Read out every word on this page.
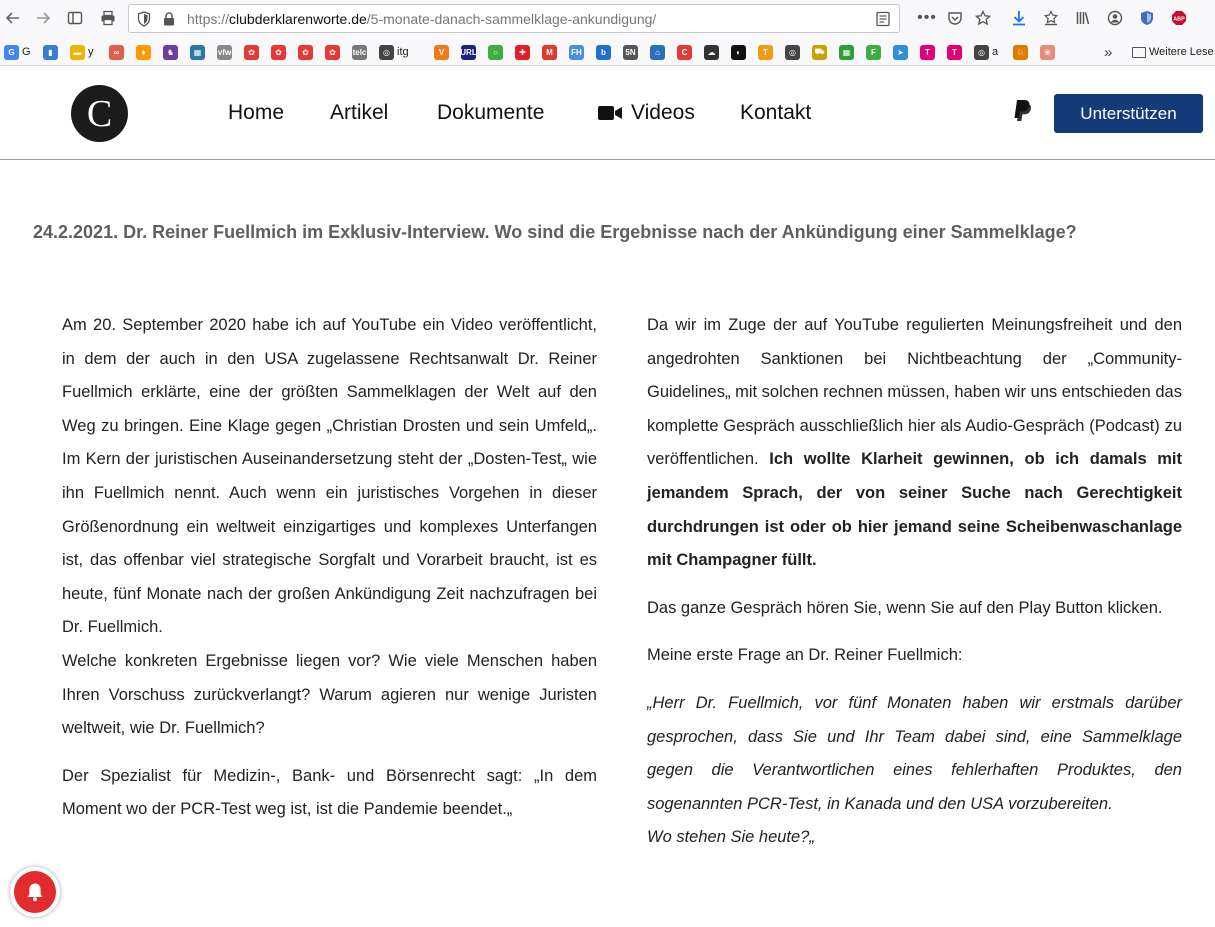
https://clubderklarenworte.de/5-monate-danach-sammelklage-ankundigung/	•••	ABP
G G	▮	▬ y	∞	♦	♞	▦	vfw	✿	✿	✿	✿	telc	◎ itg	V	URL	○	✚	M	FH	b	5N	⌂	C	☁	◐	T	◎	⛟	▦	F	➤	T	T	◎ a	♘	❀	»	Weitere Lese
C	Home Artikel Dokumente	Videos Kontakt	Unterstützen
24.2.2021. Dr. Reiner Fuellmich im Exklusiv-Interview. Wo sind die Ergebnisse nach der Ankündigung einer Sammelklage?

Am 20. September 2020 habe ich auf YouTube ein Video veröffentlicht, in dem der auch in den USA zugelassene Rechtsanwalt Dr. Reiner Fuellmich erklärte, eine der größten Sammelklagen der Welt auf den Weg zu bringen. Eine Klage gegen „Christian Drosten und sein Umfeld„. Im Kern der juristischen Auseinandersetzung steht der „Dosten-Test„ wie ihn Fuellmich nennt. Auch wenn ein juristisches Vorgehen in dieser Größenordnung ein weltweit einzigartiges und komplexes Unterfangen ist, das offenbar viel strategische Sorgfalt und Vorarbeit braucht, ist es heute, fünf Monate nach der großen Ankündigung Zeit nachzufragen bei Dr. Fuellmich.

Welche konkreten Ergebnisse liegen vor? Wie viele Menschen haben Ihren Vorschuss zurückverlangt? Warum agieren nur wenige Juristen weltweit, wie Dr. Fuellmich?

Der Spezialist für Medizin-, Bank- und Börsenrecht sagt: „In dem Moment wo der PCR-Test weg ist, ist die Pandemie beendet.„

Da wir im Zuge der auf YouTube regulierten Meinungsfreiheit und den angedrohten Sanktionen bei Nichtbeachtung der „Community-Guidelines„ mit solchen rechnen müssen, haben wir uns entschieden das komplette Gespräch ausschließlich hier als Audio-Gespräch (Podcast) zu veröffentlichen. Ich wollte Klarheit gewinnen, ob ich damals mit jemandem Sprach, der von seiner Suche nach Gerechtigkeit durchdrungen ist oder ob hier jemand seine Scheibenwaschanlage mit Champagner füllt.

Das ganze Gespräch hören Sie, wenn Sie auf den Play Button klicken.

Meine erste Frage an Dr. Reiner Fuellmich:

„Herr Dr. Fuellmich, vor fünf Monaten haben wir erstmals darüber gesprochen, dass Sie und Ihr Team dabei sind, eine Sammelklage gegen die Verantwortlichen eines fehlerhaften Produktes, den sogenannten PCR-Test, in Kanada und den USA vorzubereiten.

Wo stehen Sie heute?„
